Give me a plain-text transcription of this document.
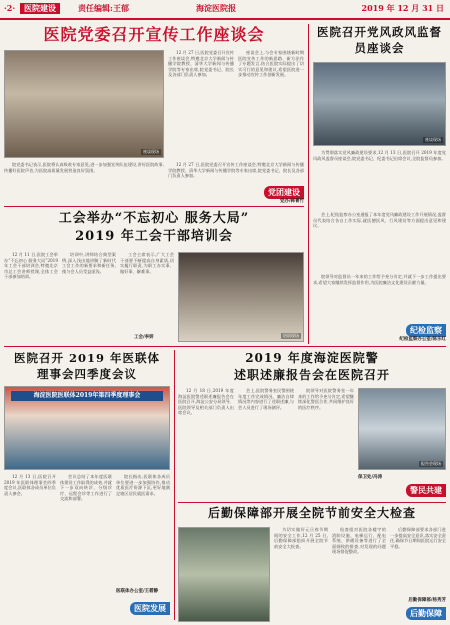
·2·	医院建设	责任编辑:王郁	海淀医院报	2019 年 12 月 31 日
医院党委召开宣传工作座谈会
座谈现场

12 月 27 日,医院党委召开宣传工作座谈会,特邀北京大学新闻与传播学院教授、清华大学新闻与传播学院等专家出席,院党委书记、院长及各部门负责人参加。

座谈会上,与会专家围绕新时期医院宣传工作的新思路、新方法作了专题发言,结合医院实际提出了切实可行的意见和建议,希望医院进一步推动宣传工作创新发展。

院党委书记表示,医院将认真吸收专家意见,进一步加强宣传队伍建设,讲好医院故事,传播好医院声音,为医院高质量发展营造良好氛围。

12 月 27 日,医院党委召开宣传工作座谈会,特邀北京大学新闻与传播学院教授、清华大学新闻与传播学院等专家出席,院党委书记、院长及各部门负责人参加。

党团建设
党办/韩菁竹
医院召开党风政风监督员座谈会
座谈现场

为贯彻落实党风廉政建设要求,12 月 13 日,医院召开 2019 年度党风政风监督员座谈会,院党委书记、纪委书记出席会议,全院监督员参加。

会上,纪检监察办公室通报了本年度党风廉政建设工作开展情况,监督员代表结合各自工作实际,就医德医风、行风建设等方面提出意见和建议。

院领导对监督员一年来的工作给予充分肯定,并就下一步工作提出要求,希望大家继续发挥监督作用,为医院廉洁文化建设贡献力量。

纪检监察
纪检监察办公室/陈乐红
工会举办“不忘初心 服务大局”
2019 年工会干部培训会

12 月 11 日,医院工会举办“不忘初心 服务大局”2019 年工会干部培训会,特邀北京市总工会讲师授课,全体工会干部参加培训。

培训中,讲师结合典型案例,深入浅出地讲解了新时代工会工作的新要求和新任务,使与会人员受益匪浅。

工会主席表示,广大工会干部要不断提高自身素质,切实履行职责,为职工办实事、做好事、解难事。

工会/李妍	培训现场
医院召开 2019 年医联体
理事会四季度会议
海淀医院医联体2019年第四季度理事会

12 月 13 日,医院召开 2019 年医联体理事会四季度会议,医联体各成员单位负责人参会。

会议总结了本年度医联体建设工作取得的成效,并就下一步双向转诊、分级诊疗、远程会诊等工作进行了交流和部署。

院长指出,医联体各成员单位要进一步加强协作,推动优质医疗资源下沉,更好地满足辖区居民就医需求。

医联体办公室/王碧静
医院发展
2019 年度海淀医院警
述职述廉报告会在医院召开

12 月 18 日,2019 年度海淀医院警述职述廉报告会在医院召开,海淀公安分局领导、医院领导及相关部门负责人出席会议。

会上,医院警务室民警围绕年度工作完成情况、廉洁自律情况等内容进行了述职述廉,与会人员进行了现场测评。

院领导对医院警务室一年来的工作给予充分肯定,希望继续深化警医合作,共同维护良好的医疗秩序。

报告会现场
保卫处/冯涛
警民共建
后勤保障部开展全院节前安全大检查

为切实做好元旦春节期间的安全工作,12 月 25 日,后勤保障部组织开展全院节前安全大检查。

检查组对医院各楼宇的消防设施、电梯运行、配电系统、供暖设备等进行了全面细致的排查,对发现的问题现场督促整改。

后勤保障部要求各部门进一步提高安全意识,落实安全责任,确保节日期间医院运行安全平稳。

后勤保障部/杨秀芳
后勤保障
